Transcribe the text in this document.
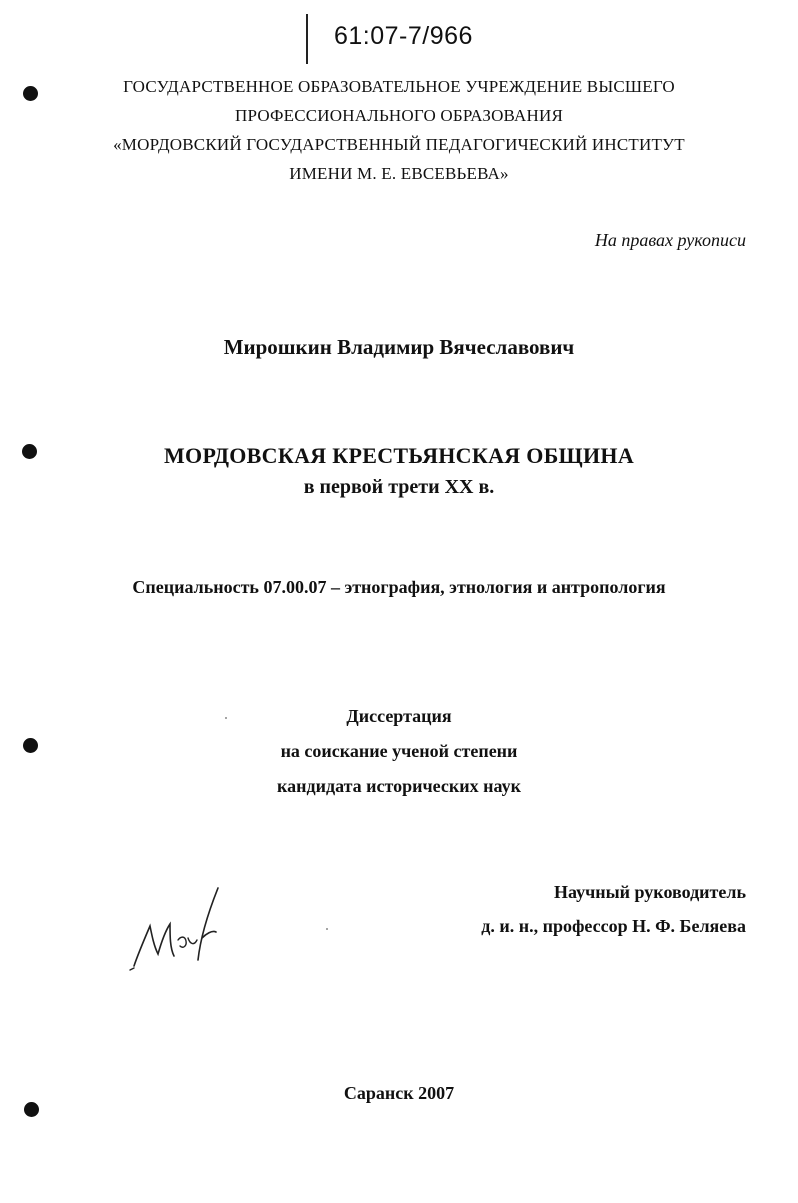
61:07-7/966
ГОСУДАРСТВЕННОЕ ОБРАЗОВАТЕЛЬНОЕ УЧРЕЖДЕНИЕ ВЫСШЕГО
ПРОФЕССИОНАЛЬНОГО ОБРАЗОВАНИЯ
«МОРДОВСКИЙ ГОСУДАРСТВЕННЫЙ ПЕДАГОГИЧЕСКИЙ ИНСТИТУТ
ИМЕНИ М. Е. ЕВСЕВЬЕВА»
На правах рукописи
Мирошкин Владимир Вячеславович
МОРДОВСКАЯ КРЕСТЬЯНСКАЯ ОБЩИНА
в первой трети XX в.
Специальность 07.00.07 – этнография, этнология и антропология
Диссертация
на соискание ученой степени
кандидата исторических наук
Научный руководитель
д. и. н., профессор Н. Ф. Беляева
Саранск 2007
